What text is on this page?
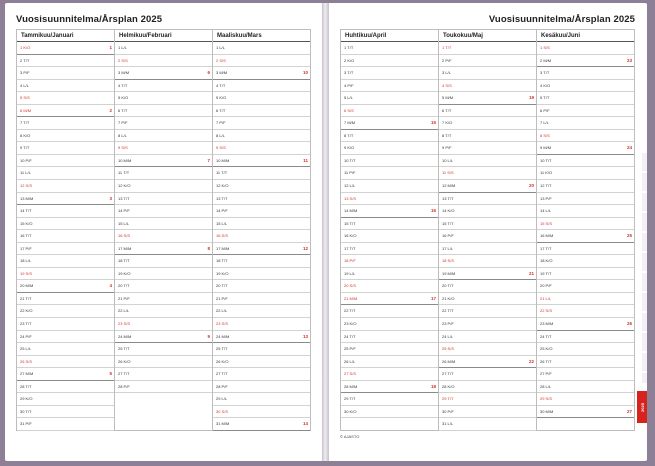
Vuosisuunnitelma/Årsplan 2025
Tammikuu/Januari
1 K/O	1
2 T/T
3 P/F
4 L/L
5 S/S
6 M/M	2
7 T/T
8 K/O
9 T/T
10 P/F
11 L/L
12 S/S
13 M/M	3
14 T/T
15 K/O
16 T/T
17 P/F
18 L/L
19 S/S
20 M/M	4
21 T/T
22 K/O
23 T/T
24 P/F
25 L/L
26 S/S
27 M/M	5
28 T/T
29 K/O
30 T/T
31 P/F
Helmikuu/Februari
1 L/L
2 S/S
3 M/M	6
4 T/T
5 K/O
6 T/T
7 P/F
8 L/L
9 S/S
10 M/M	7
11 T/T
12 K/O
13 T/T
14 P/F
15 L/L
16 S/S
17 M/M	8
18 T/T
19 K/O
20 T/T
21 P/F
22 L/L
23 S/S
24 M/M	9
25 T/T
26 K/O
27 T/T
28 P/F
Maaliskuu/Mars
1 L/L
2 S/S
3 M/M	10
4 T/T
5 K/O
6 T/T
7 P/F
8 L/L
9 S/S
10 M/M	11
11 T/T
12 K/O
13 T/T
14 P/F
15 L/L
16 S/S
17 M/M	12
18 T/T
19 K/O
20 T/T
21 P/F
22 L/L
23 S/S
24 M/M	13
25 T/T
26 K/O
27 T/T
28 P/F
29 L/L
30 S/S
31 M/M	14
Vuosisuunnitelma/Årsplan 2025
Huhtikuu/April
1 T/T
2 K/O
3 T/T
4 P/F
5 L/L
6 S/S
7 M/M	15
8 T/T
9 K/O
10 T/T
11 P/F
12 L/L
13 S/S
14 M/M	16
15 T/T
16 K/O
17 T/T
18 P/F
19 L/L
20 S/S
21 M/M	17
22 T/T
23 K/O
24 T/T
25 P/F
26 L/L
27 S/S
28 M/M	18
29 T/T
30 K/O
Toukokuu/Maj
1 T/T
2 P/F
3 L/L
4 S/S
5 M/M	19
6 T/T
7 K/O
8 T/T
9 P/F
10 L/L
11 S/S
12 M/M	20
13 T/T
14 K/O
15 T/T
16 P/F
17 L/L
18 S/S
19 M/M	21
20 T/T
21 K/O
22 T/T
23 P/F
24 L/L
25 S/S
26 M/M	22
27 T/T
28 K/O
29 T/T
30 P/F
31 L/L
Kesäkuu/Juni
1 S/S
2 M/M	23
3 T/T
4 K/O
5 T/T
6 P/F
7 L/L
8 S/S
9 M/M	24
10 T/T
11 K/O
12 T/T
13 P/F
14 L/L
15 S/S
16 M/M	25
17 T/T
18 K/O
19 T/T
20 P/F
21 L/L
22 S/S
23 M/M	26
24 T/T
25 K/O
26 T/T
27 P/F
28 L/L
29 S/S
30 M/M	27
© AJASTO
2025
